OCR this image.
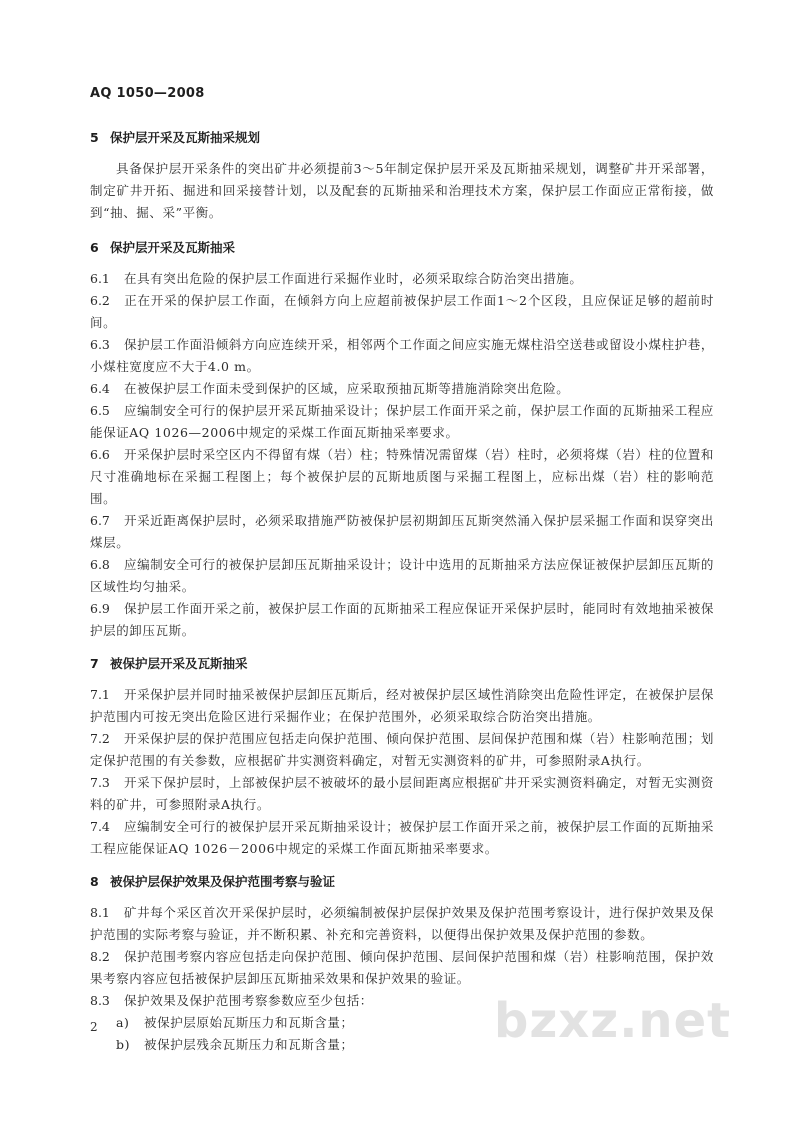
AQ 1050—2008
5 保护层开采及瓦斯抽采规划
具备保护层开采条件的突出矿井必须提前3～5年制定保护层开采及瓦斯抽采规划，调整矿井开采部署，制定矿井开拓、掘进和回采接替计划，以及配套的瓦斯抽采和治理技术方案，保护层工作面应正常衔接，做到“抽、掘、采”平衡。
6 保护层开采及瓦斯抽采
6.1 在具有突出危险的保护层工作面进行采掘作业时，必须采取综合防治突出措施。
6.2 正在开采的保护层工作面，在倾斜方向上应超前被保护层工作面1～2个区段，且应保证足够的超前时间。
6.3 保护层工作面沿倾斜方向应连续开采，相邻两个工作面之间应实施无煤柱沿空送巷或留设小煤柱护巷，小煤柱宽度应不大于4.0 m。
6.4 在被保护层工作面未受到保护的区域，应采取预抽瓦斯等措施消除突出危险。
6.5 应编制安全可行的保护层开采瓦斯抽采设计；保护层工作面开采之前，保护层工作面的瓦斯抽采工程应能保证AQ 1026—2006中规定的采煤工作面瓦斯抽采率要求。
6.6 开采保护层时采空区内不得留有煤（岩）柱；特殊情况需留煤（岩）柱时，必须将煤（岩）柱的位置和尺寸准确地标在采掘工程图上；每个被保护层的瓦斯地质图与采掘工程图上，应标出煤（岩）柱的影响范围。
6.7 开采近距离保护层时，必须采取措施严防被保护层初期卸压瓦斯突然涌入保护层采掘工作面和误穿突出煤层。
6.8 应编制安全可行的被保护层卸压瓦斯抽采设计；设计中选用的瓦斯抽采方法应保证被保护层卸压瓦斯的区域性均匀抽采。
6.9 保护层工作面开采之前，被保护层工作面的瓦斯抽采工程应保证开采保护层时，能同时有效地抽采被保护层的卸压瓦斯。
7 被保护层开采及瓦斯抽采
7.1 开采保护层并同时抽采被保护层卸压瓦斯后，经对被保护层区域性消除突出危险性评定，在被保护层保护范围内可按无突出危险区进行采掘作业；在保护范围外，必须采取综合防治突出措施。
7.2 开采保护层的保护范围应包括走向保护范围、倾向保护范围、层间保护范围和煤（岩）柱影响范围；划定保护范围的有关参数，应根据矿井实测资料确定，对暂无实测资料的矿井，可参照附录A执行。
7.3 开采下保护层时，上部被保护层不被破坏的最小层间距离应根据矿井开采实测资料确定，对暂无实测资料的矿井，可参照附录A执行。
7.4 应编制安全可行的被保护层开采瓦斯抽采设计；被保护层工作面开采之前，被保护层工作面的瓦斯抽采工程应能保证AQ 1026－2006中规定的采煤工作面瓦斯抽采率要求。
8 被保护层保护效果及保护范围考察与验证
8.1 矿井每个采区首次开采保护层时，必须编制被保护层保护效果及保护范围考察设计，进行保护效果及保护范围的实际考察与验证，并不断积累、补充和完善资料，以便得出保护效果及保护范围的参数。
8.2 保护范围考察内容应包括走向保护范围、倾向保护范围、层间保护范围和煤（岩）柱影响范围，保护效果考察内容应包括被保护层卸压瓦斯抽采效果和保护效果的验证。
8.3 保护效果及保护范围考察参数应至少包括：
a) 被保护层原始瓦斯压力和瓦斯含量；
b) 被保护层残余瓦斯压力和瓦斯含量；
2	bzxz.net
